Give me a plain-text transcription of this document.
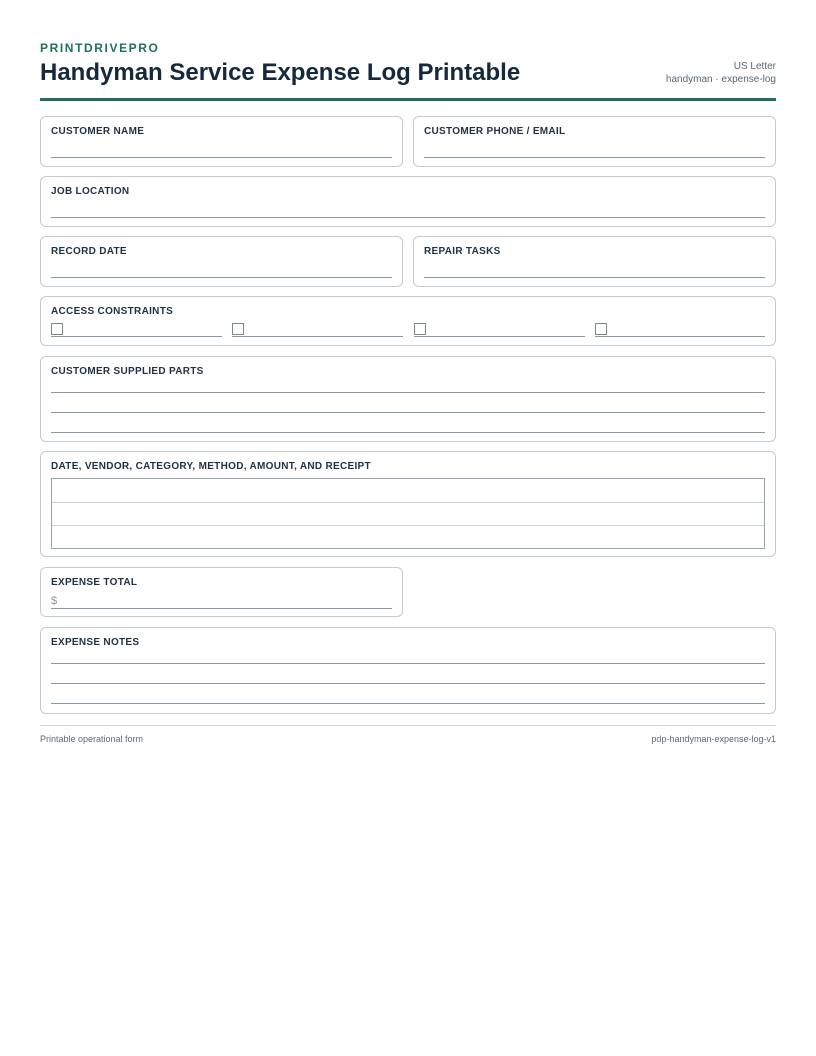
PRINTDRIVEPRO
Handyman Service Expense Log Printable	US Letter
handyman · expense-log
CUSTOMER NAME	CUSTOMER PHONE / EMAIL
JOB LOCATION
RECORD DATE	REPAIR TASKS
ACCESS CONSTRAINTS
CUSTOMER SUPPLIED PARTS
DATE, VENDOR, CATEGORY, METHOD, AMOUNT, AND RECEIPT
EXPENSE TOTAL
$
EXPENSE NOTES
Printable operational form	pdp-handyman-expense-log-v1
